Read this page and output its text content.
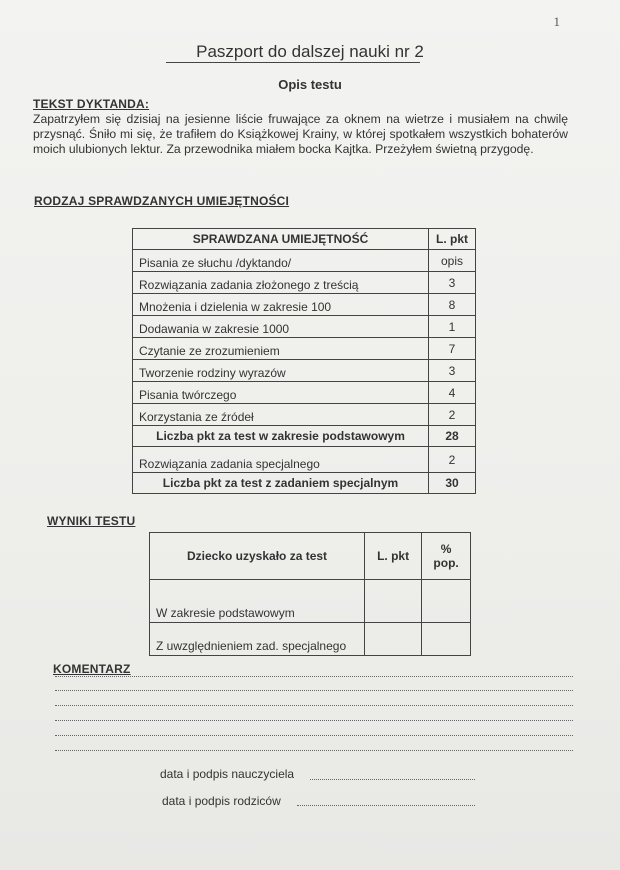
1
Paszport do dalszej nauki nr 2
Opis testu
TEKST DYKTANDA:
Zapatrzyłem się dzisiaj na jesienne liście fruwające za oknem na wietrze i musiałem na chwilę przysnąć. Śniło mi się, że trafiłem do Książkowej Krainy, w której spotkałem wszystkich bohaterów moich ulubionych lektur. Za przewodnika miałem bocka Kajtka. Przeżyłem świetną przygodę.
RODZAJ SPRAWDZANYCH UMIEJĘTNOŚCI
SPRAWDZANA UMIEJĘTNOŚĆ	L. pkt
Pisania ze słuchu /dyktando/	opis
Rozwiązania zadania złożonego z treścią	3
Mnożenia i dzielenia w zakresie 100	8
Dodawania w zakresie 1000	1
Czytanie ze zrozumieniem	7
Tworzenie rodziny wyrazów	3
Pisania twórczego	4
Korzystania ze źródeł	2
Liczba pkt za test w zakresie podstawowym	28
Rozwiązania zadania specjalnego	2
Liczba pkt za test z zadaniem specjalnym	30
WYNIKI TESTU
Dziecko uzyskało za test	L. pkt	%
pop.
W zakresie podstawowym		
Z uwzględnieniem zad. specjalnego		
KOMENTARZ
data i podpis nauczyciela
data i podpis rodziców
